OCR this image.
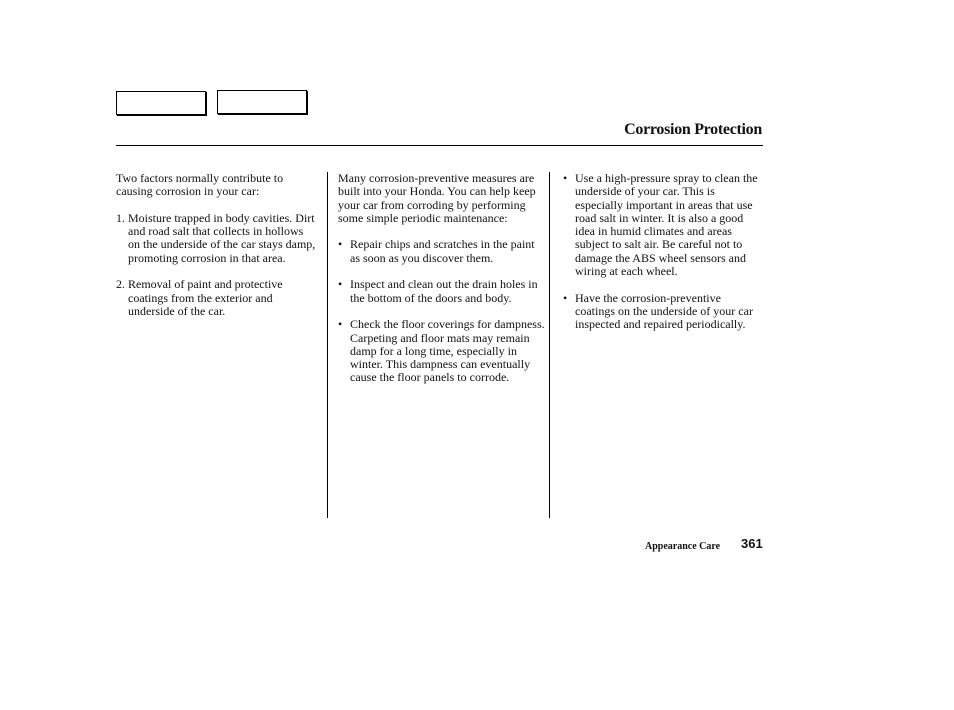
Corrosion Protection

Two factors normally contribute to causing corrosion in your car:

1. Moisture trapped in body cavities. Dirt and road salt that collects in hollows on the underside of the car stays damp, promoting corrosion in that area.
2. Removal of paint and protective coatings from the exterior and underside of the car.

Many corrosion-preventive measures are built into your Honda. You can help keep your car from corroding by performing some simple periodic maintenance:

• Repair chips and scratches in the paint as soon as you discover them.
• Inspect and clean out the drain holes in the bottom of the doors and body.
• Check the floor coverings for dampness. Carpeting and floor mats may remain damp for a long time, especially in winter. This dampness can eventually cause the floor panels to corrode.
• Use a high-pressure spray to clean the underside of your car. This is especially important in areas that use road salt in winter. It is also a good idea in humid climates and areas subject to salt air. Be careful not to damage the ABS wheel sensors and wiring at each wheel.
• Have the corrosion-preventive coatings on the underside of your car inspected and repaired periodically.
Appearance Care 361
